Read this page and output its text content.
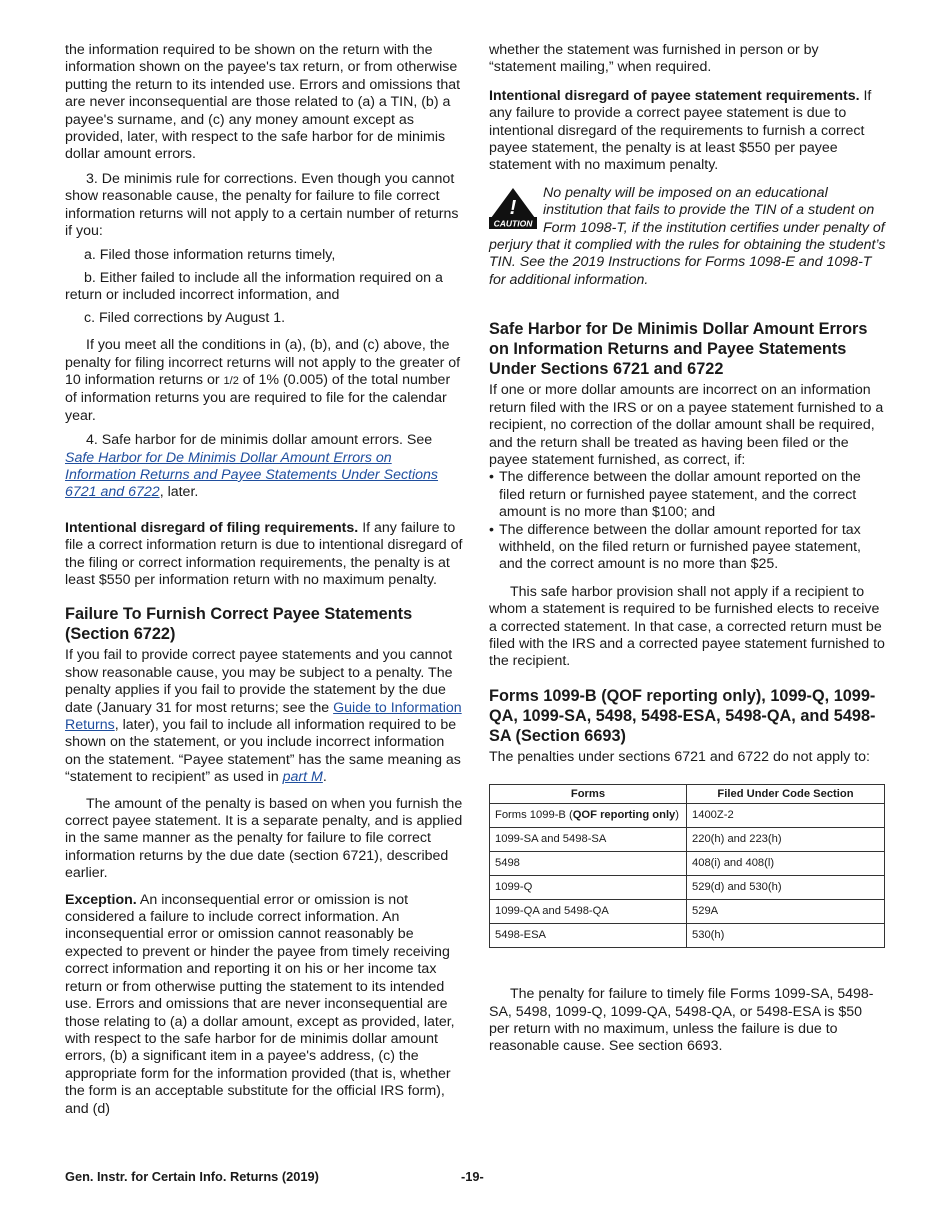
the information required to be shown on the return with the information shown on the payee's tax return, or from otherwise putting the return to its intended use. Errors and omissions that are never inconsequential are those related to (a) a TIN, (b) a payee's surname, and (c) any money amount except as provided, later, with respect to the safe harbor for de minimis dollar amount errors.

3. De minimis rule for corrections. Even though you cannot show reasonable cause, the penalty for failure to file correct information returns will not apply to a certain number of returns if you:

a. Filed those information returns timely,

b. Either failed to include all the information required on a return or included incorrect information, and

c. Filed corrections by August 1.

If you meet all the conditions in (a), (b), and (c) above, the penalty for filing incorrect returns will not apply to the greater of 10 information returns or 1/2 of 1% (0.005) of the total number of information returns you are required to file for the calendar year.

4. Safe harbor for de minimis dollar amount errors. See Safe Harbor for De Minimis Dollar Amount Errors on Information Returns and Payee Statements Under Sections 6721 and 6722, later.

Intentional disregard of filing requirements. If any failure to file a correct information return is due to intentional disregard of the filing or correct information requirements, the penalty is at least $550 per information return with no maximum penalty.

Failure To Furnish Correct Payee Statements (Section 6722)

If you fail to provide correct payee statements and you cannot show reasonable cause, you may be subject to a penalty. The penalty applies if you fail to provide the statement by the due date (January 31 for most returns; see the Guide to Information Returns, later), you fail to include all information required to be shown on the statement, or you include incorrect information on the statement. “Payee statement” has the same meaning as “statement to recipient” as used in part M.

The amount of the penalty is based on when you furnish the correct payee statement. It is a separate penalty, and is applied in the same manner as the penalty for failure to file correct information returns by the due date (section 6721), described earlier.

Exception. An inconsequential error or omission is not considered a failure to include correct information. An inconsequential error or omission cannot reasonably be expected to prevent or hinder the payee from timely receiving correct information and reporting it on his or her income tax return or from otherwise putting the statement to its intended use. Errors and omissions that are never inconsequential are those relating to (a) a dollar amount, except as provided, later, with respect to the safe harbor for de minimis dollar amount errors, (b) a significant item in a payee's address, (c) the appropriate form for the information provided (that is, whether the form is an acceptable substitute for the official IRS form), and (d)

whether the statement was furnished in person or by “statement mailing,” when required.

Intentional disregard of payee statement requirements. If any failure to provide a correct payee statement is due to intentional disregard of the requirements to furnish a correct payee statement, the penalty is at least $550 per payee statement with no maximum penalty.

!
CAUTION
No penalty will be imposed on an educational institution that fails to provide the TIN of a student on Form 1098-T, if the institution certifies under penalty of perjury that it complied with the rules for obtaining the student’s TIN. See the 2019 Instructions for Forms 1098-E and 1098-T for additional information.
Safe Harbor for De Minimis Dollar Amount Errors on Information Returns and Payee Statements Under Sections 6721 and 6722

If one or more dollar amounts are incorrect on an information return filed with the IRS or on a payee statement furnished to a recipient, no correction of the dollar amount shall be required, and the return shall be treated as having been filed or the payee statement furnished, as correct, if:

• The difference between the dollar amount reported on the filed return or furnished payee statement, and the correct amount is no more than $100; and

• The difference between the dollar amount reported for tax withheld, on the filed return or furnished payee statement, and the correct amount is no more than $25.

This safe harbor provision shall not apply if a recipient to whom a statement is required to be furnished elects to receive a corrected statement. In that case, a corrected return must be filed with the IRS and a corrected payee statement furnished to the recipient.

Forms 1099-B (QOF reporting only), 1099-Q, 1099-QA, 1099-SA, 5498, 5498-ESA, 5498-QA, and 5498-SA (Section 6693)

The penalties under sections 6721 and 6722 do not apply to:

Forms	Filed Under Code Section
Forms 1099-B (QOF reporting only)	1400Z-2
1099-SA and 5498-SA	220(h) and 223(h)
5498	408(i) and 408(l)
1099-Q	529(d) and 530(h)
1099-QA and 5498-QA	529A
5498-ESA	530(h)

The penalty for failure to timely file Forms 1099-SA, 5498-SA, 5498, 1099-Q, 1099-QA, 5498-QA, or 5498-ESA is $50 per return with no maximum, unless the failure is due to reasonable cause. See section 6693.

Gen. Instr. for Certain Info. Returns (2019)	-19-
